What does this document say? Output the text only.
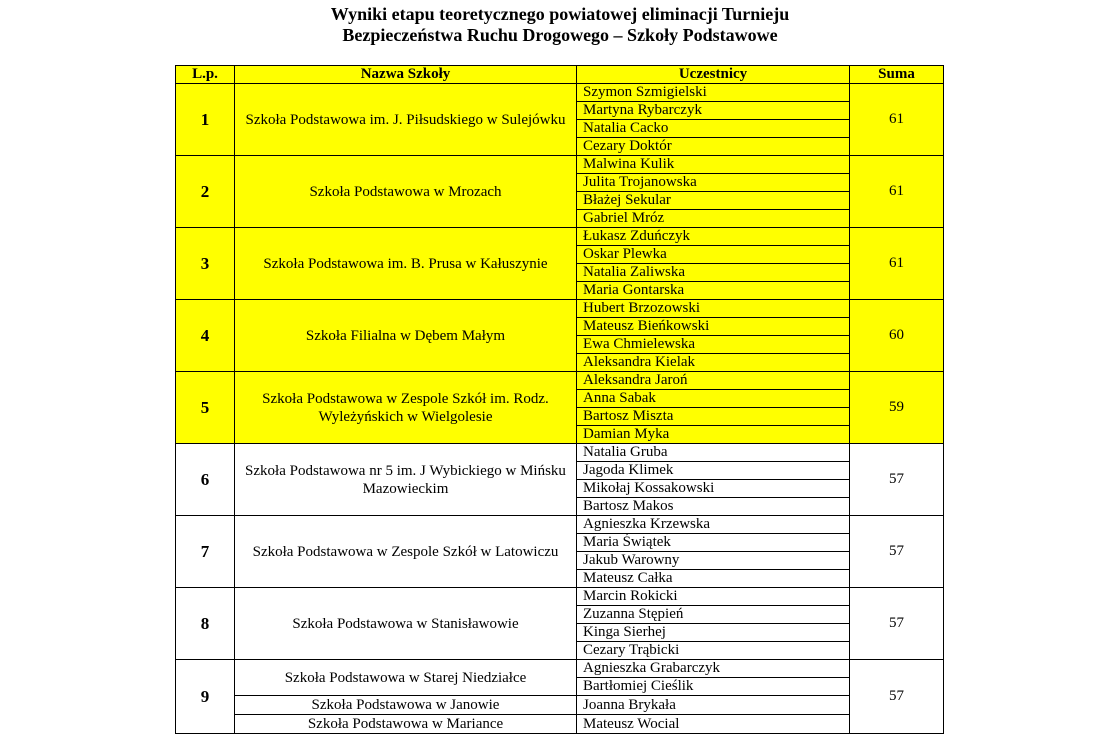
Wyniki etapu teoretycznego powiatowej eliminacji Turnieju
Bezpieczeństwa Ruchu Drogowego – Szkoły Podstawowe
L.p.	Nazwa Szkoły	Uczestnicy	Suma
1	Szkoła Podstawowa im. J. Piłsudskiego w Sulejówku	Szymon Szmigielski	61
		Martyna Rybarczyk	
		Natalia Cacko	
		Cezary Doktór	
2	Szkoła Podstawowa w Mrozach	Malwina Kulik	61
		Julita Trojanowska	
		Błażej Sekular	
		Gabriel Mróz	
3	Szkoła Podstawowa im. B. Prusa w Kałuszynie	Łukasz Zduńczyk	61
		Oskar Plewka	
		Natalia Zaliwska	
		Maria Gontarska	
4	Szkoła Filialna w Dębem Małym	Hubert Brzozowski	60
		Mateusz Bieńkowski	
		Ewa Chmielewska	
		Aleksandra Kielak	
5	Szkoła Podstawowa w Zespole Szkół im. Rodz. Wyleżyńskich w Wielgolesie	Aleksandra Jaroń	59
		Anna Sabak	
		Bartosz Miszta	
		Damian Myka	
6	Szkoła Podstawowa nr 5 im. J Wybickiego w Mińsku Mazowieckim	Natalia Gruba	57
		Jagoda Klimek	
		Mikołaj Kossakowski	
		Bartosz Makos	
7	Szkoła Podstawowa w Zespole Szkół w Latowiczu	Agnieszka Krzewska	57
		Maria Świątek	
		Jakub Warowny	
		Mateusz Całka	
8	Szkoła Podstawowa w Stanisławowie	Marcin Rokicki	57
		Zuzanna Stępień	
		Kinga Sierhej	
		Cezary Trąbicki	
9	Szkoła Podstawowa w Starej Niedziałce	Agnieszka Grabarczyk	57
		Bartłomiej Cieślik	
	Szkoła Podstawowa w Janowie	Joanna Brykała	
	Szkoła Podstawowa w Mariance	Mateusz Wocial	
